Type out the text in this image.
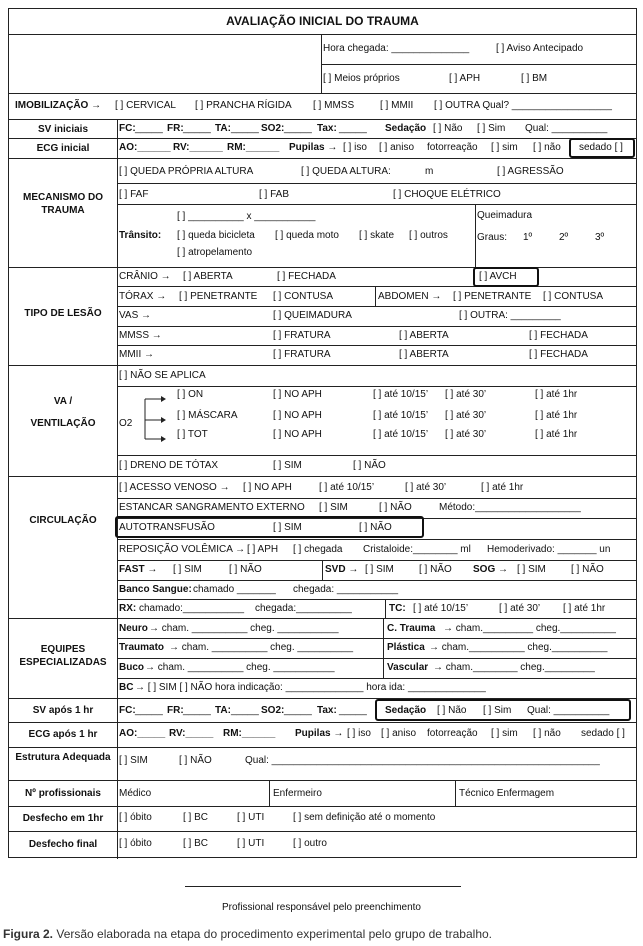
AVALIAÇÃO INICIAL DO TRAUMA
Hora chegada: ______________	[ ] Aviso Antecipado
[ ] Meios próprios	[ ] APH	[ ] BM
IMOBILIZAÇÃO → [ ] CERVICAL [ ] PRANCHA RÍGIDA [ ] MMSS	[ ] MMII [ ] OUTRA Qual? __________________
SV iniciais	FC: _____ FR: _____ TA: _____ SO2: _____ Tax: _____ Sedação [ ] Não [ ] Sim Qual: __________
ECG inicial	AO:______ RV:______ RM:______ Pupilas → [ ] iso [ ] aniso fotorreação [ ] sim [ ] não sedado [ ]
MECANISMO DO TRAUMA
[ ] QUEDA PRÓPRIA ALTURA	[ ] QUEDA ALTURA:	m	[ ] AGRESSÃO
[ ] FAF	[ ] FAB	[ ] CHOQUE ELÉTRICO
[ ] __________ x ___________
Trânsito: [ ] queda bicicleta [ ] queda moto [ ] skate [ ] outros
[ ] atropelamento
Queimadura
Graus: 1º	2º	3º
TIPO DE LESÃO
CRÂNIO → [ ] ABERTA	[ ] FECHADA	[ ] AVCH
TÓRAX → [ ] PENETRANTE [ ] CONTUSA	ABDOMEN → [ ] PENETRANTE [ ] CONTUSA
VAS →	[ ] QUEIMADURA	[ ] OUTRA: _________
MMSS →	[ ] FRATURA	[ ] ABERTA	[ ] FECHADA
MMII →	[ ] FRATURA	[ ] ABERTA	[ ] FECHADA
VA /
VENTILAÇÃO
[ ] NÃO SE APLICA
O2
[ ] ON	[ ] NO APH	[ ] até 10/15’ [ ] até 30’	[ ] até 1hr
[ ] MÁSCARA	[ ] NO APH	[ ] até 10/15’ [ ] até 30’	[ ] até 1hr
[ ] TOT	[ ] NO APH	[ ] até 10/15’ [ ] até 30’	[ ] até 1hr
[ ] DRENO DE TÓTAX	[ ] SIM	[ ] NÃO
CIRCULAÇÃO
[ ] ACESSO VENOSO → [ ] NO APH	[ ] até 10/15’	[ ] até 30’	[ ] até 1hr
ESTANCAR SANGRAMENTO EXTERNO [ ] SIM	[ ] NÃO	Método:___________________
AUTOTRANSFUSÃO	[ ] SIM	[ ] NÃO
REPOSIÇÃO VOLÊMICA → [ ] APH [ ] chegada Cristaloide:________ ml Hemoderivado: _______ un
FAST → [ ] SIM	[ ] NÃO	SVD → [ ] SIM	[ ] NÃO SOG → [ ] SIM	[ ] NÃO
Banco Sangue: chamado _______ chegada: ___________
RX: chamado:___________ chegada:__________	TC: [ ] até 10/15’	[ ] até 30’ [ ] até 1hr
EQUIPES ESPECIALIZADAS
Neuro → cham. __________ cheg. ___________	C. Trauma → cham._________ cheg.__________
Traumato → cham. __________ cheg. __________	Plástica → cham.__________ cheg.__________
Buco → cham. __________ cheg. ___________	Vascular → cham.________ cheg._________
BC → [ ] SIM [ ] NÃO hora indicação: ______________ hora ida: ______________
SV após 1 hr	FC: _____ FR: _____ TA: _____ SO2: _____ Tax: _____ Sedação [ ] Não [ ] Sim Qual: __________
ECG após 1 hr	AO:_____ RV:_____ RM:______ Pupilas → [ ] iso [ ] aniso fotorreação [ ] sim [ ] não sedado [ ]
Estrutura Adequada [ ] SIM	[ ] NÃO	Qual: ___________________________________________________________
Nº profissionais	Médico	Enfermeiro	Técnico Enfermagem
Desfecho em 1hr	[ ] óbito	[ ] BC	[ ] UTI	[ ] sem definição até o momento
Desfecho final	[ ] óbito	[ ] BC	[ ] UTI	[ ] outro
Profissional responsável pelo preenchimento
Figura 2. Versão elaborada na etapa do procedimento experimental pelo grupo de trabalho.
